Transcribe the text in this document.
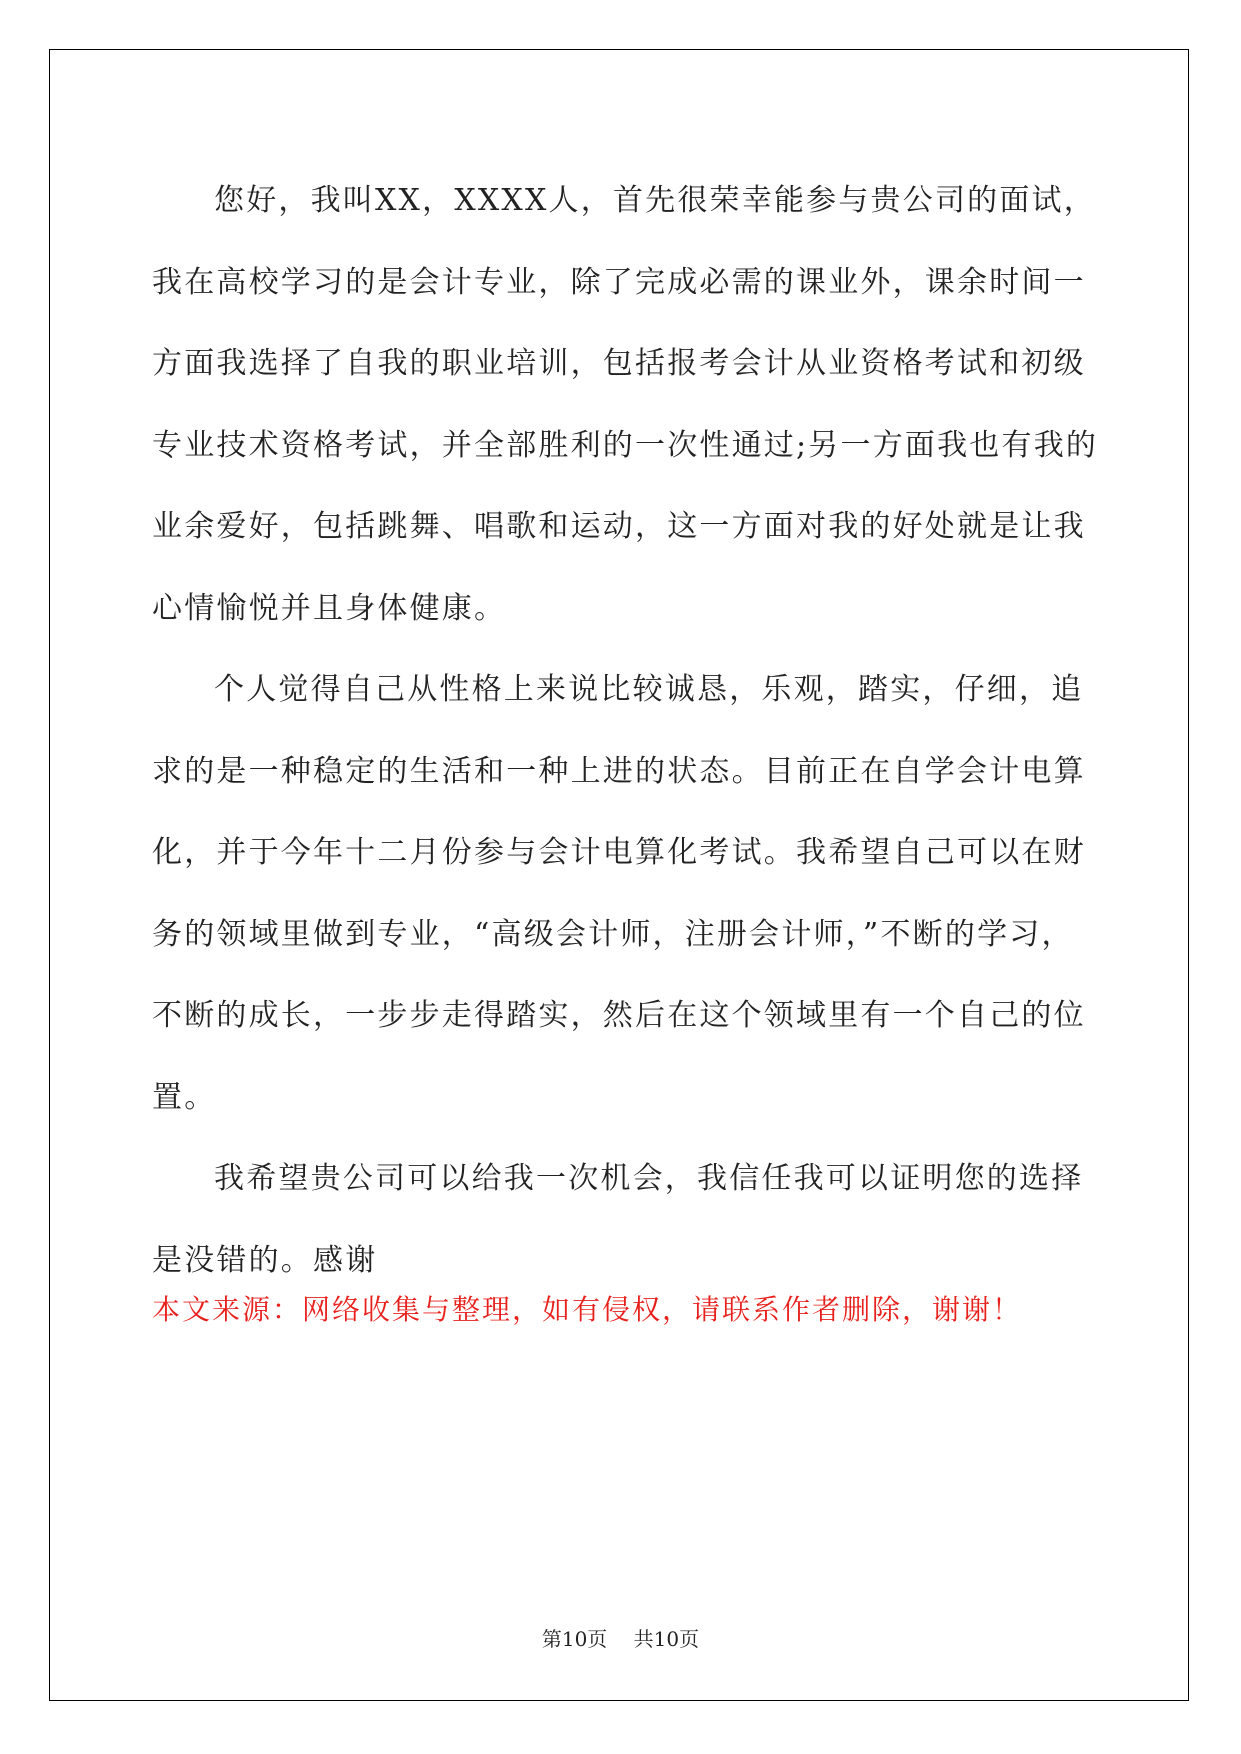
您好，我叫XX，XXXX人，首先很荣幸能参与贵公司的面试，我在高校学习的是会计专业，除了完成必需的课业外，课余时间一方面我选择了自我的职业培训，包括报考会计从业资格考试和初级专业技术资格考试，并全部胜利的一次性通过;另一方面我也有我的业余爱好，包括跳舞、唱歌和运动，这一方面对我的好处就是让我心情愉悦并且身体健康。

个人觉得自己从性格上来说比较诚恳，乐观，踏实，仔细，追求的是一种稳定的生活和一种上进的状态。目前正在自学会计电算化，并于今年十二月份参与会计电算化考试。我希望自己可以在财务的领域里做到专业，“高级会计师，注册会计师，”不断的学习，不断的成长，一步步走得踏实，然后在这个领域里有一个自己的位置。

我希望贵公司可以给我一次机会，我信任我可以证明您的选择是没错的。感谢

本文来源：网络收集与整理，如有侵权，请联系作者删除，谢谢！

第10页 共10页
